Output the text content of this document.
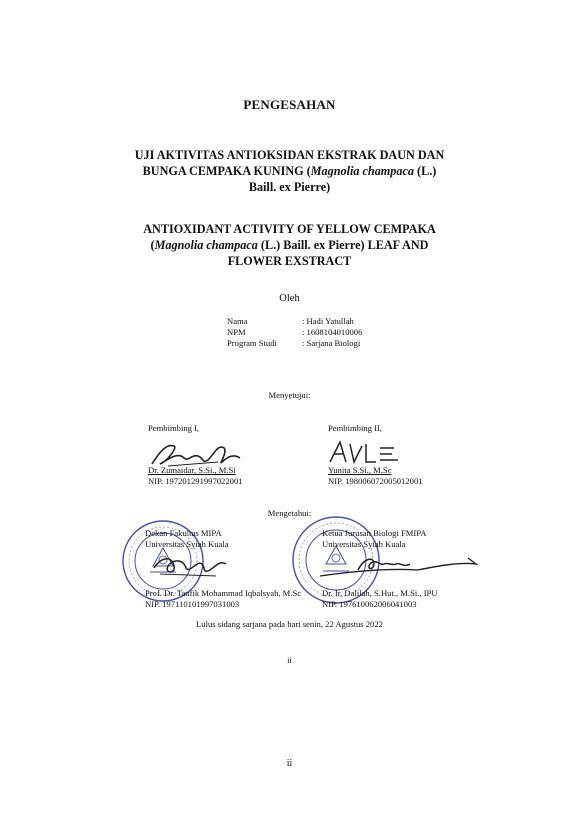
PENGESAHAN
UJI AKTIVITAS ANTIOKSIDAN EKSTRAK DAUN DAN
BUNGA CEMPAKA KUNING (Magnolia champaca (L.)
Baill. ex Pierre)
ANTIOXIDANT ACTIVITY OF YELLOW CEMPAKA
(Magnolia champaca (L.) Baill. ex Pierre) LEAF AND
FLOWER EXSTRACT
Oleh
Nama	: Hadi Yatullah
NPM	: 1608104010006
Program Studi	: Sarjana Biologi
Menyetujui:
Pembimbing I,
Dr. Zumaidar, S.Si., M.Si
NIP. 197201291997022001
Pembimbing II,
Yunita S.Si., M.Sc
NIP. 198006072005012001
Mengetahui:
Dekan Fakultas MIPA
Universitas Syiah Kuala
Prof. Dr. Taufik Mohammad Iqbalsyah, M.Sc
NIP. 197110101997031003
Ketua Jurusan Biologi FMIPA
Universitas Syiah Kuala
Dr. Ir. Dalilah, S.Hut., M.Si., IPU
NIP. 197610062006041003
Lulus sidang sarjana pada hari senin, 22 Agustus 2022
ii
ii
